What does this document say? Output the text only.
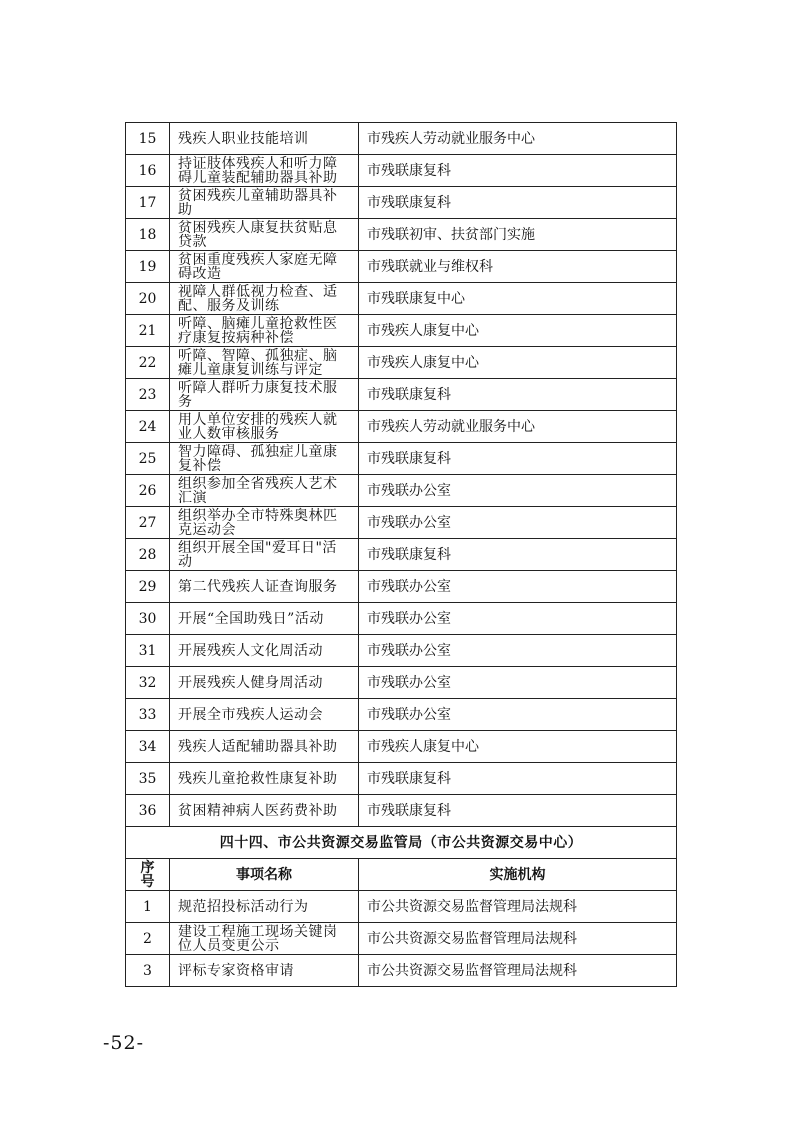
15	残疾人职业技能培训	市残疾人劳动就业服务中心
16	持证肢体残疾人和听力障碍儿童装配辅助器具补助	市残联康复科
17	贫困残疾儿童辅助器具补助	市残联康复科
18	贫困残疾人康复扶贫贴息贷款	市残联初审、扶贫部门实施
19	贫困重度残疾人家庭无障碍改造	市残联就业与维权科
20	视障人群低视力检查、适配、服务及训练	市残联康复中心
21	听障、脑瘫儿童抢救性医疗康复按病种补偿	市残疾人康复中心
22	听障、智障、孤独症、脑瘫儿童康复训练与评定	市残疾人康复中心
23	听障人群听力康复技术服务	市残联康复科
24	用人单位安排的残疾人就业人数审核服务	市残疾人劳动就业服务中心
25	智力障碍、孤独症儿童康复补偿	市残联康复科
26	组织参加全省残疾人艺术汇演	市残联办公室
27	组织举办全市特殊奥林匹克运动会	市残联办公室
28	组织开展全国"爱耳日"活动	市残联康复科
29	第二代残疾人证查询服务	市残联办公室
30	开展“全国助残日”活动	市残联办公室
31	开展残疾人文化周活动	市残联办公室
32	开展残疾人健身周活动	市残联办公室
33	开展全市残疾人运动会	市残联办公室
34	残疾人适配辅助器具补助	市残疾人康复中心
35	残疾儿童抢救性康复补助	市残联康复科
36	贫困精神病人医药费补助	市残联康复科
四十四、市公共资源交易监管局（市公共资源交易中心）		
序号	事项名称	实施机构
1	规范招投标活动行为	市公共资源交易监督管理局法规科
2	建设工程施工现场关键岗位人员变更公示	市公共资源交易监督管理局法规科
3	评标专家资格审请	市公共资源交易监督管理局法规科
-52-
